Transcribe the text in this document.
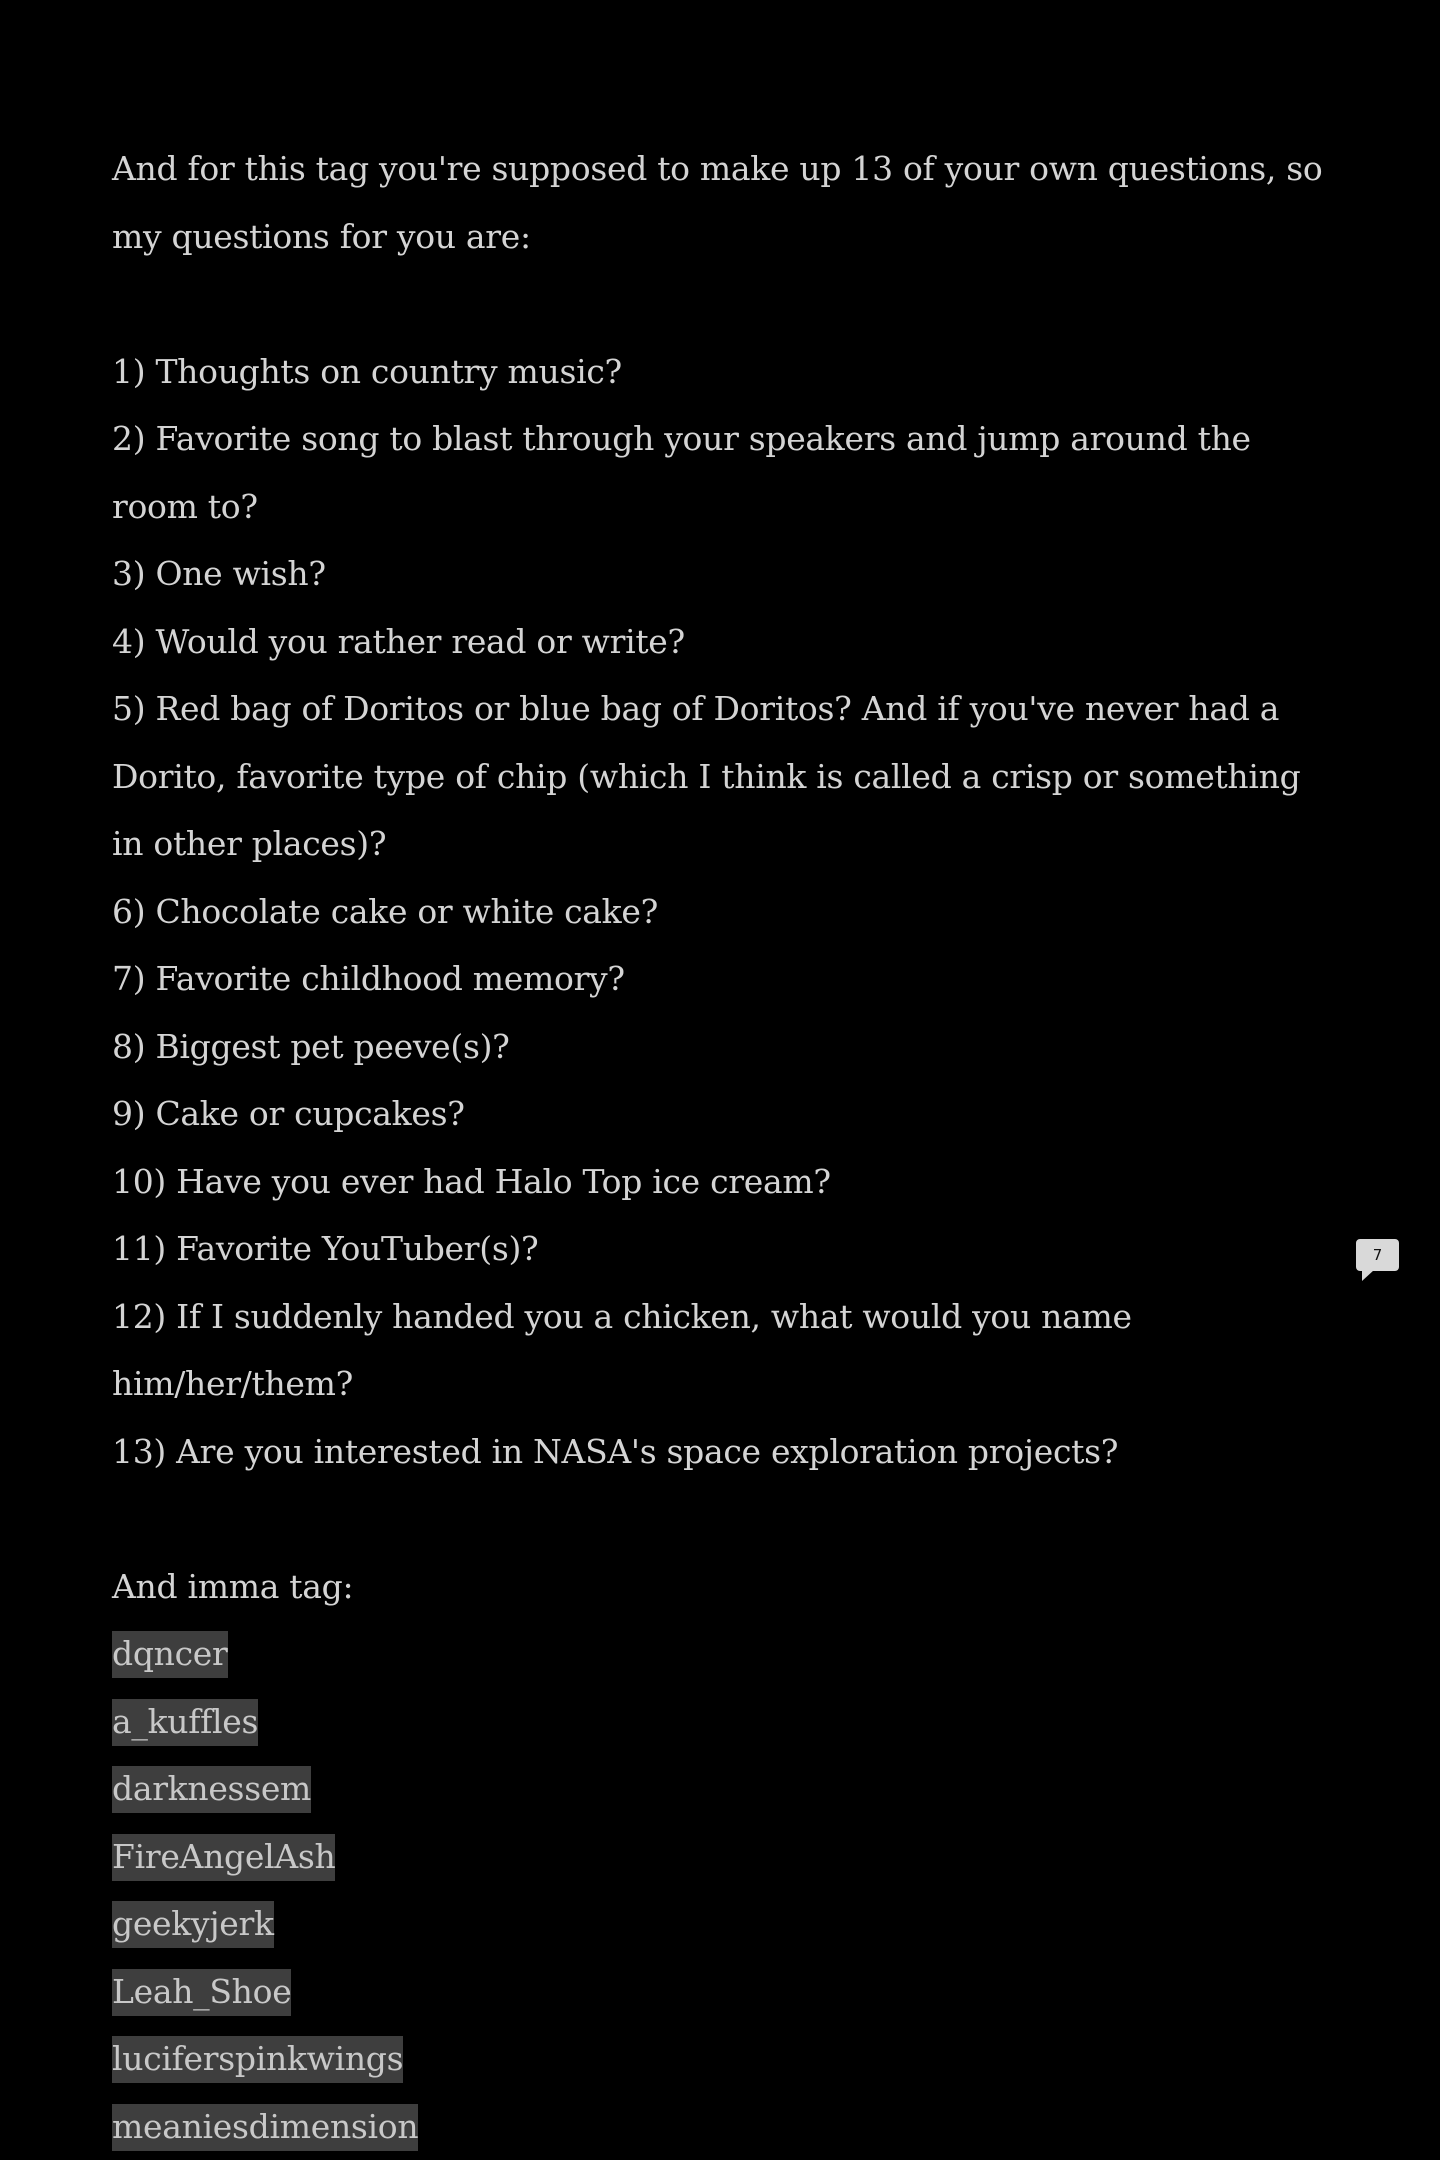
And for this tag you're supposed to make up 13 of your own questions, so my questions for you are:

1) Thoughts on country music?

2) Favorite song to blast through your speakers and jump around the room to?

3) One wish?

4) Would you rather read or write?

5) Red bag of Doritos or blue bag of Doritos? And if you've never had a Dorito, favorite type of chip (which I think is called a crisp or something in other places)?

6) Chocolate cake or white cake?

7) Favorite childhood memory?

8) Biggest pet peeve(s)?

9) Cake or cupcakes?

10) Have you ever had Halo Top ice cream?

11) Favorite YouTuber(s)?

12) If I suddenly handed you a chicken, what would you name him/her/them?

13) Are you interested in NASA's space exploration projects?

And imma tag:

dqncer

a_kuffles

darknessem

FireAngelAsh

geekyjerk

Leah_Shoe

luciferspinkwings

meaniesdimension

7
